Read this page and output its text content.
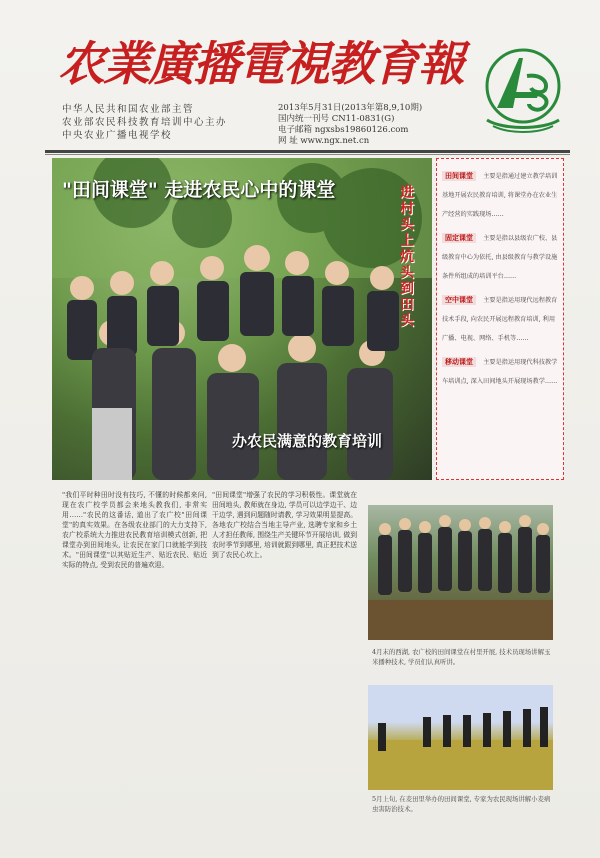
农業廣播電視教育報
中华人民共和国农业部主管
农业部农民科技教育培训中心主办
中央农业广播电视学校
2013年5月31日(2013年第8,9,10期)
国内统一刊号 CN11-0831(G)
电子邮箱 ngxsbs19860126.com
网 址 www.ngx.net.cn
"田间课堂" 走进农民心中的课堂	进村头 上炕头 到田头
办农民满意的教育培训
田间课堂 主要是指通过建立教学培训基地开展农民教育培训, 将课堂办在农业生产经营的实践现场……
固定课堂 主要是指以县级农广校、县级教育中心为依托, 由县级教育与教学设施条件所组成的培训平台……
空中课堂 主要是指运用现代远程教育技术手段, 向农民开展远程教育培训, 利用广播、电视、网络、手机等……
移动课堂 主要是指运用现代科技教学车培训点, 深入田间地头开展现场教学……
"我们平时种田时没有技巧, 不懂的时候都来问, 现在农广校学员都会来地头教我们, 非常实用……"农民的这番话, 道出了农广校"田间课堂"的真实效果。在各级农业部门的大力支持下, 农广校系统大力推进农民教育培训模式创新, 把课堂办到田间地头, 让农民在家门口就能学到技术。"田间课堂"以其贴近生产、贴近农民、贴近实际的特点, 受到农民的普遍欢迎。
"田间课堂"增强了农民的学习积极性。课堂就在田间地头, 教师就在身边, 学员可以边学边干、边干边学, 遇到问题随时请教, 学习效果明显提高。各地农广校结合当地主导产业, 选聘专家和乡土人才担任教师, 围绕生产关键环节开展培训, 做到农时季节到哪里, 培训就跟到哪里, 真正把技术送到了农民心坎上。
4月末的西湖, 农广校的田间课堂在村里开展, 技术员现场讲解玉米播种技术, 学员们认真听讲。
5月上旬, 在麦田里举办的田间课堂, 专家为农民现场讲解小麦病虫害防治技术。
